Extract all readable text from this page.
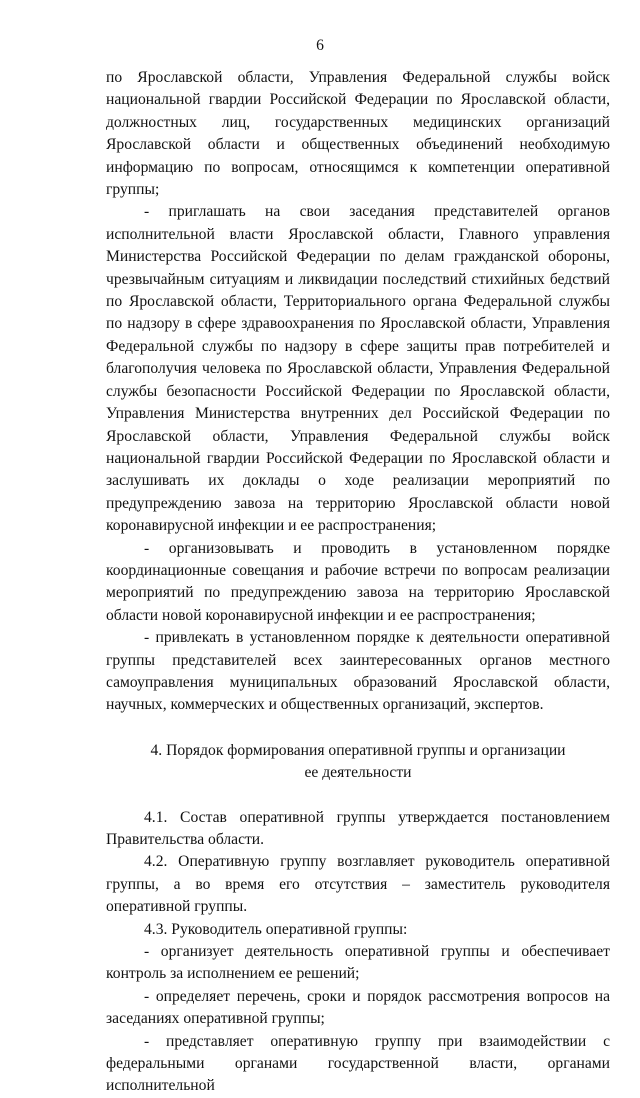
6

по Ярославской области, Управления Федеральной службы войск национальной гвардии Российской Федерации по Ярославской области, должностных лиц, государственных медицинских организаций Ярославской области и общественных объединений необходимую информацию по вопросам, относящимся к компетенции оперативной группы;

- приглашать на свои заседания представителей органов исполнительной власти Ярославской области, Главного управления Министерства Российской Федерации по делам гражданской обороны, чрезвычайным ситуациям и ликвидации последствий стихийных бедствий по Ярославской области, Территориального органа Федеральной службы по надзору в сфере здравоохранения по Ярославской области, Управления Федеральной службы по надзору в сфере защиты прав потребителей и благополучия человека по Ярославской области, Управления Федеральной службы безопасности Российской Федерации по Ярославской области, Управления Министерства внутренних дел Российской Федерации по Ярославской области, Управления Федеральной службы войск национальной гвардии Российской Федерации по Ярославской области и заслушивать их доклады о ходе реализации мероприятий по предупреждению завоза на территорию Ярославской области новой коронавирусной инфекции и ее распространения;

- организовывать и проводить в установленном порядке координационные совещания и рабочие встречи по вопросам реализации мероприятий по предупреждению завоза на территорию Ярославской области новой коронавирусной инфекции и ее распространения;

- привлекать в установленном порядке к деятельности оперативной группы представителей всех заинтересованных органов местного самоуправления муниципальных образований Ярославской области, научных, коммерческих и общественных организаций, экспертов.

4. Порядок формирования оперативной группы и организации
ее деятельности

4.1. Состав оперативной группы утверждается постановлением Правительства области.

4.2. Оперативную группу возглавляет руководитель оперативной группы, а во время его отсутствия – заместитель руководителя оперативной группы.

4.3. Руководитель оперативной группы:

- организует деятельность оперативной группы и обеспечивает контроль за исполнением ее решений;

- определяет перечень, сроки и порядок рассмотрения вопросов на заседаниях оперативной группы;

- представляет оперативную группу при взаимодействии с федеральными органами государственной власти, органами исполнительной
